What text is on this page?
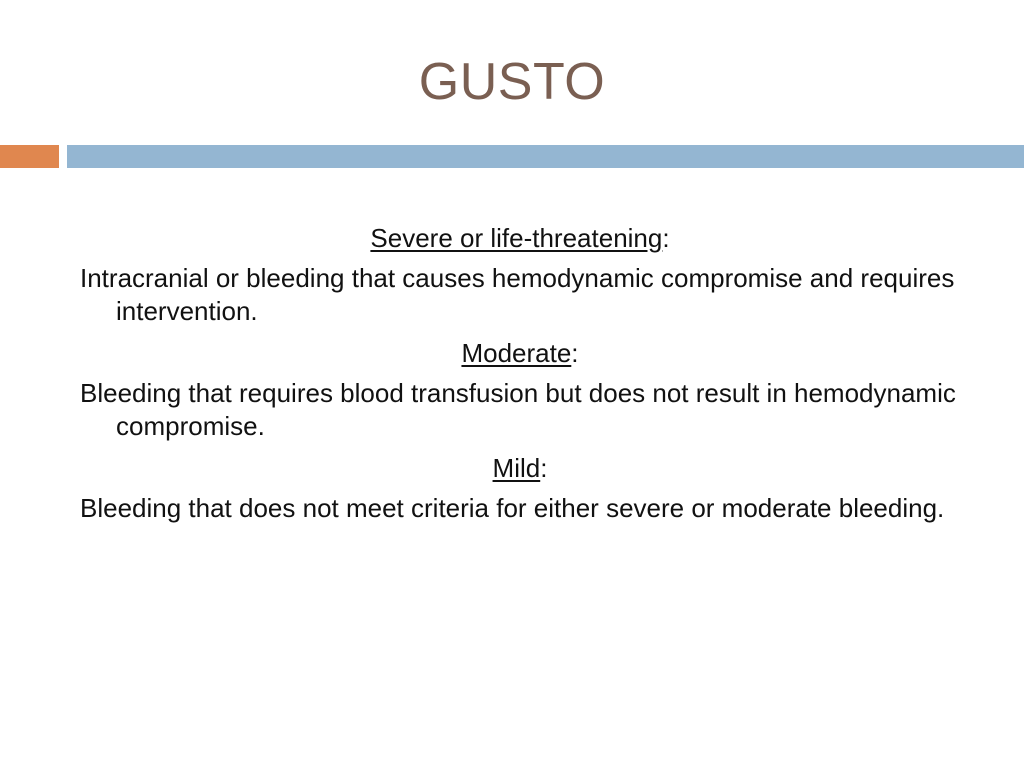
GUSTO
Severe or life-threatening:
Intracranial or bleeding that causes hemodynamic compromise and requires intervention.
Moderate:
Bleeding that requires blood transfusion but does not result in hemodynamic compromise.
Mild:
Bleeding that does not meet criteria for either severe or moderate bleeding.
